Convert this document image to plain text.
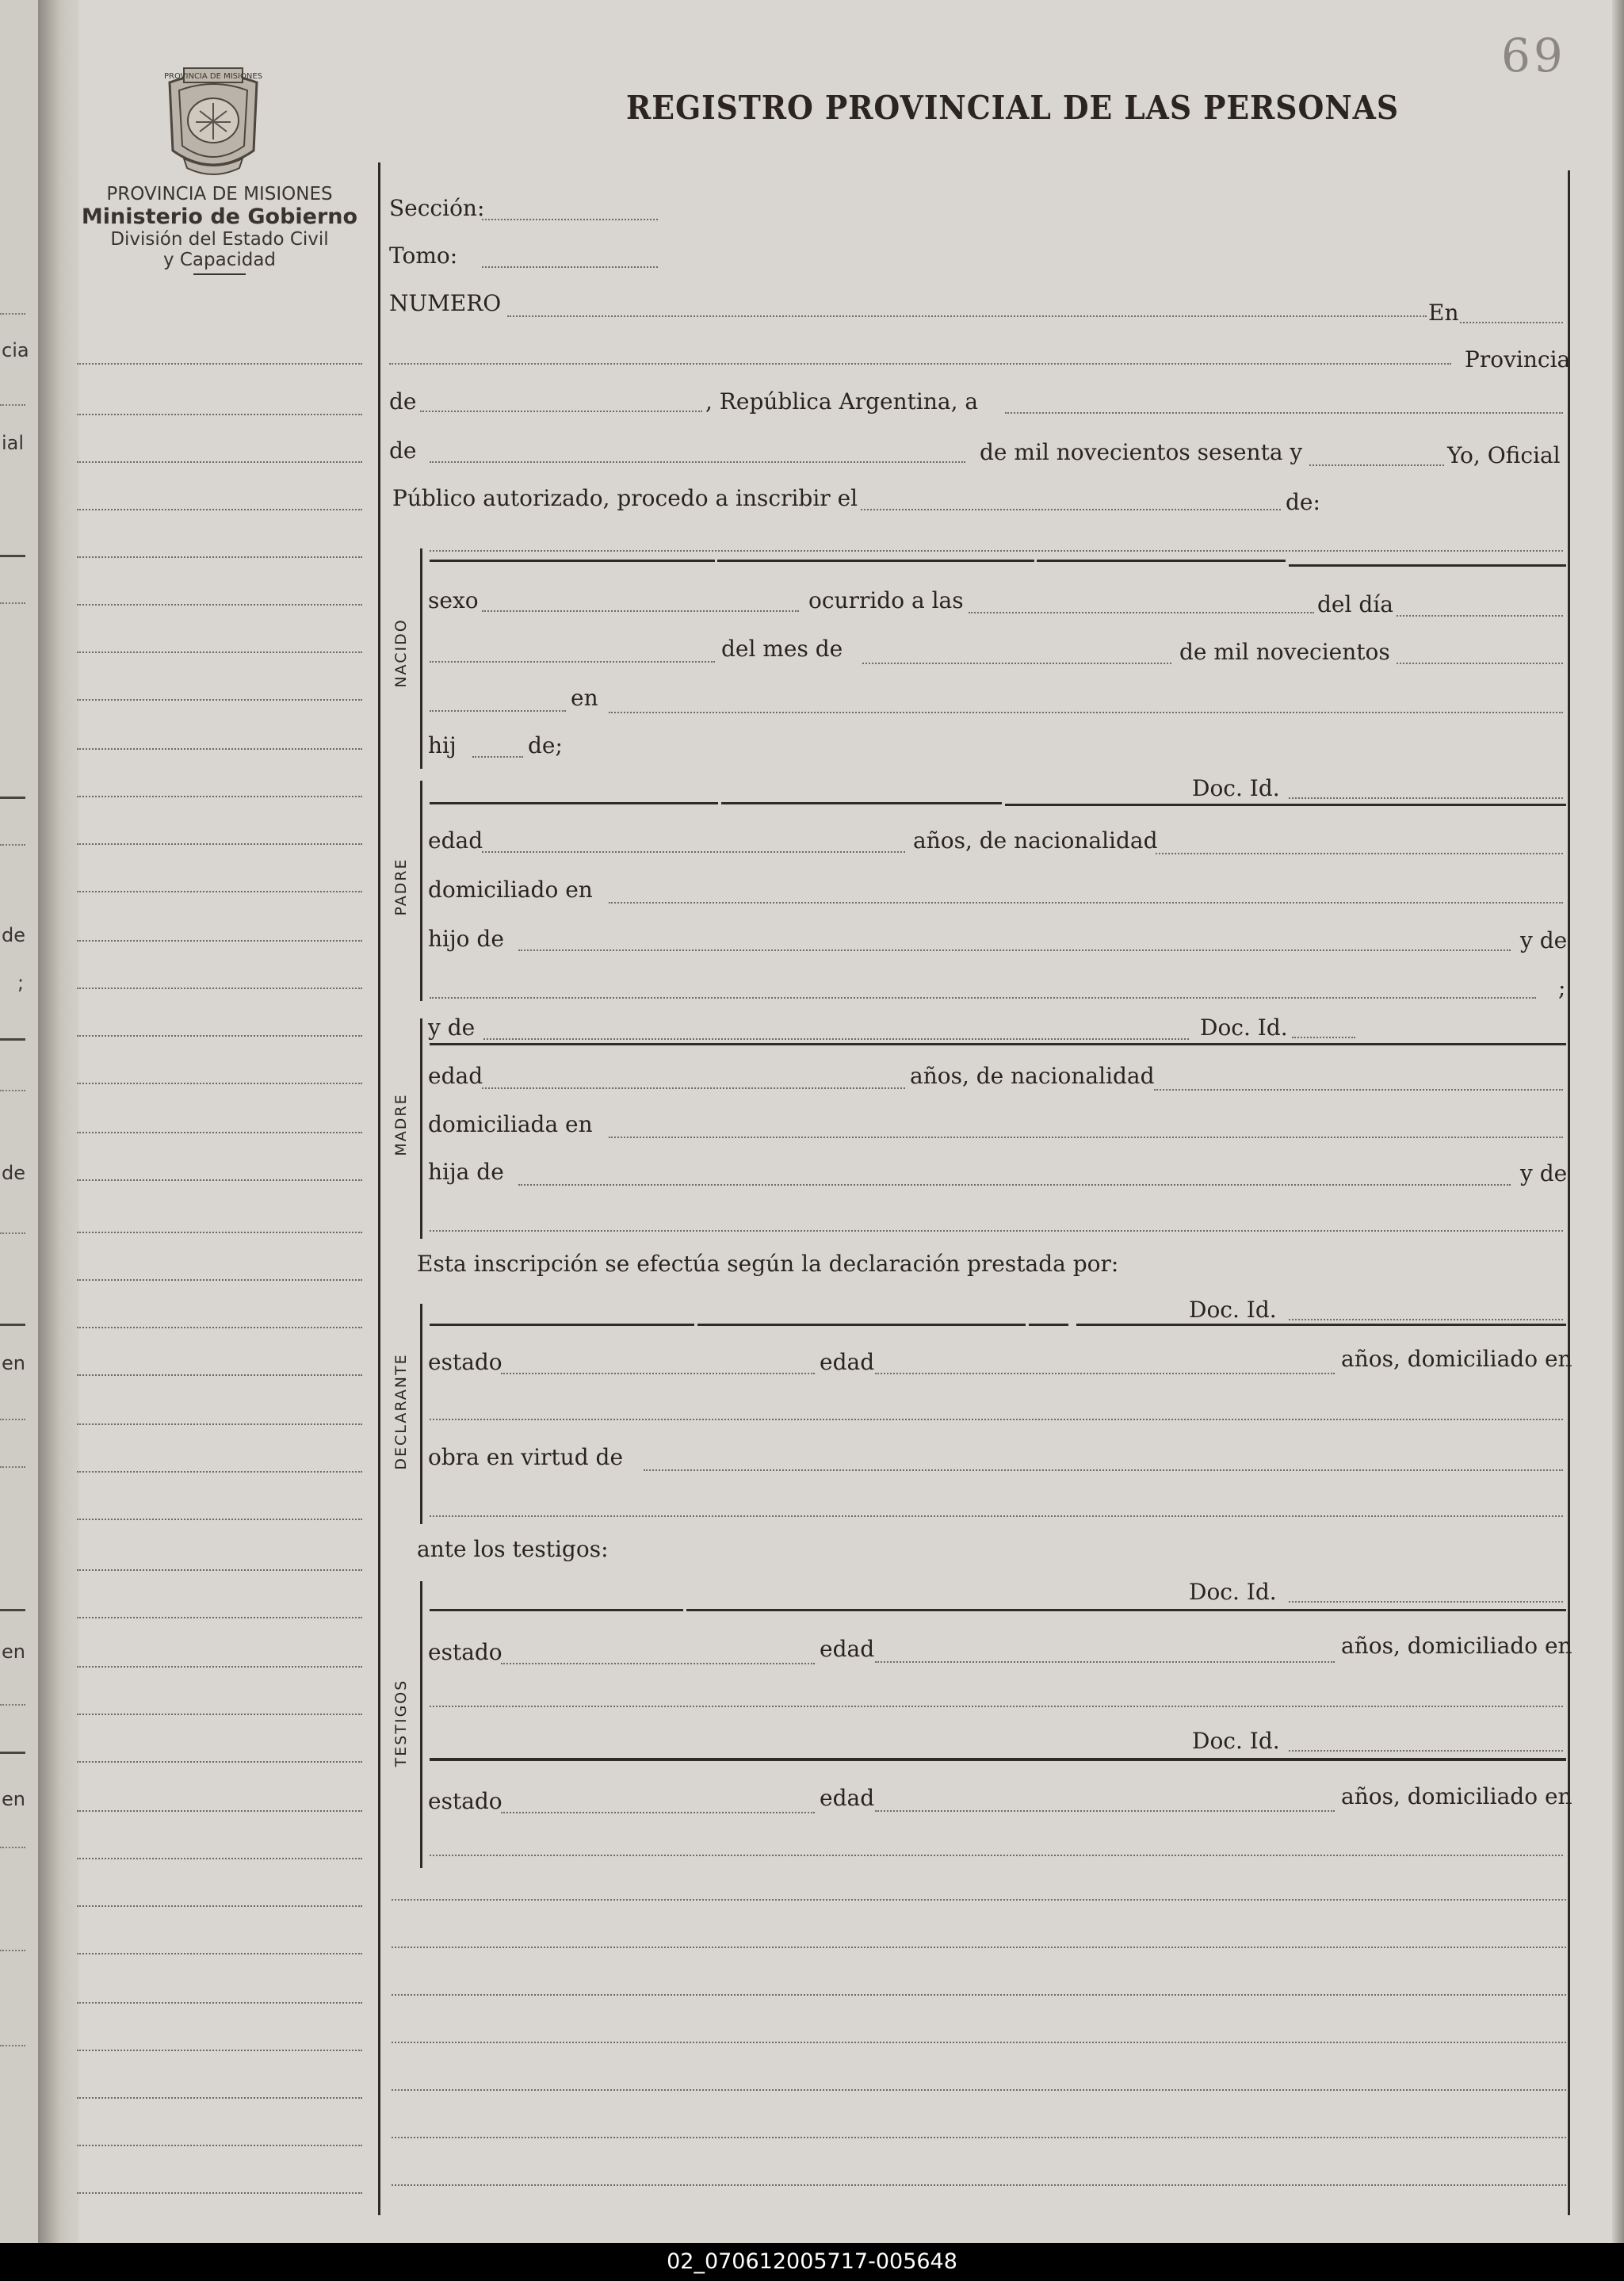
cia
ial
de
;
de
en
en
en
69
PROVINCIA DE MISIONES
PROVINCIA DE MISIONES
Ministerio de Gobierno
División del Estado Civil
y Capacidad
REGISTRO PROVINCIAL DE LAS PERSONAS
Sección:
Tomo:
NUMERO	En
Provincia
de	, República Argentina, a
de	de mil novecientos sesenta y	Yo, Oficial
Público autorizado, procedo a inscribir el	de:
NACIDO
sexo	ocurrido a las	del día
del mes de	de mil novecientos
en
hij	de;
PADRE
Doc. Id.
edad	años, de nacionalidad
domiciliado en
hijo de	y de
;
MADRE
y de	Doc. Id.
edad	años, de nacionalidad
domiciliada en
hija de	y de
Esta inscripción se efectúa según la declaración prestada por:
DECLARANTE
Doc. Id.
estado	edad	años, domiciliado en
obra en virtud de
ante los testigos:
TESTIGOS
Doc. Id.
estado	edad	años, domiciliado en
Doc. Id.
estado	edad	años, domiciliado en
02_070612005717-005648
